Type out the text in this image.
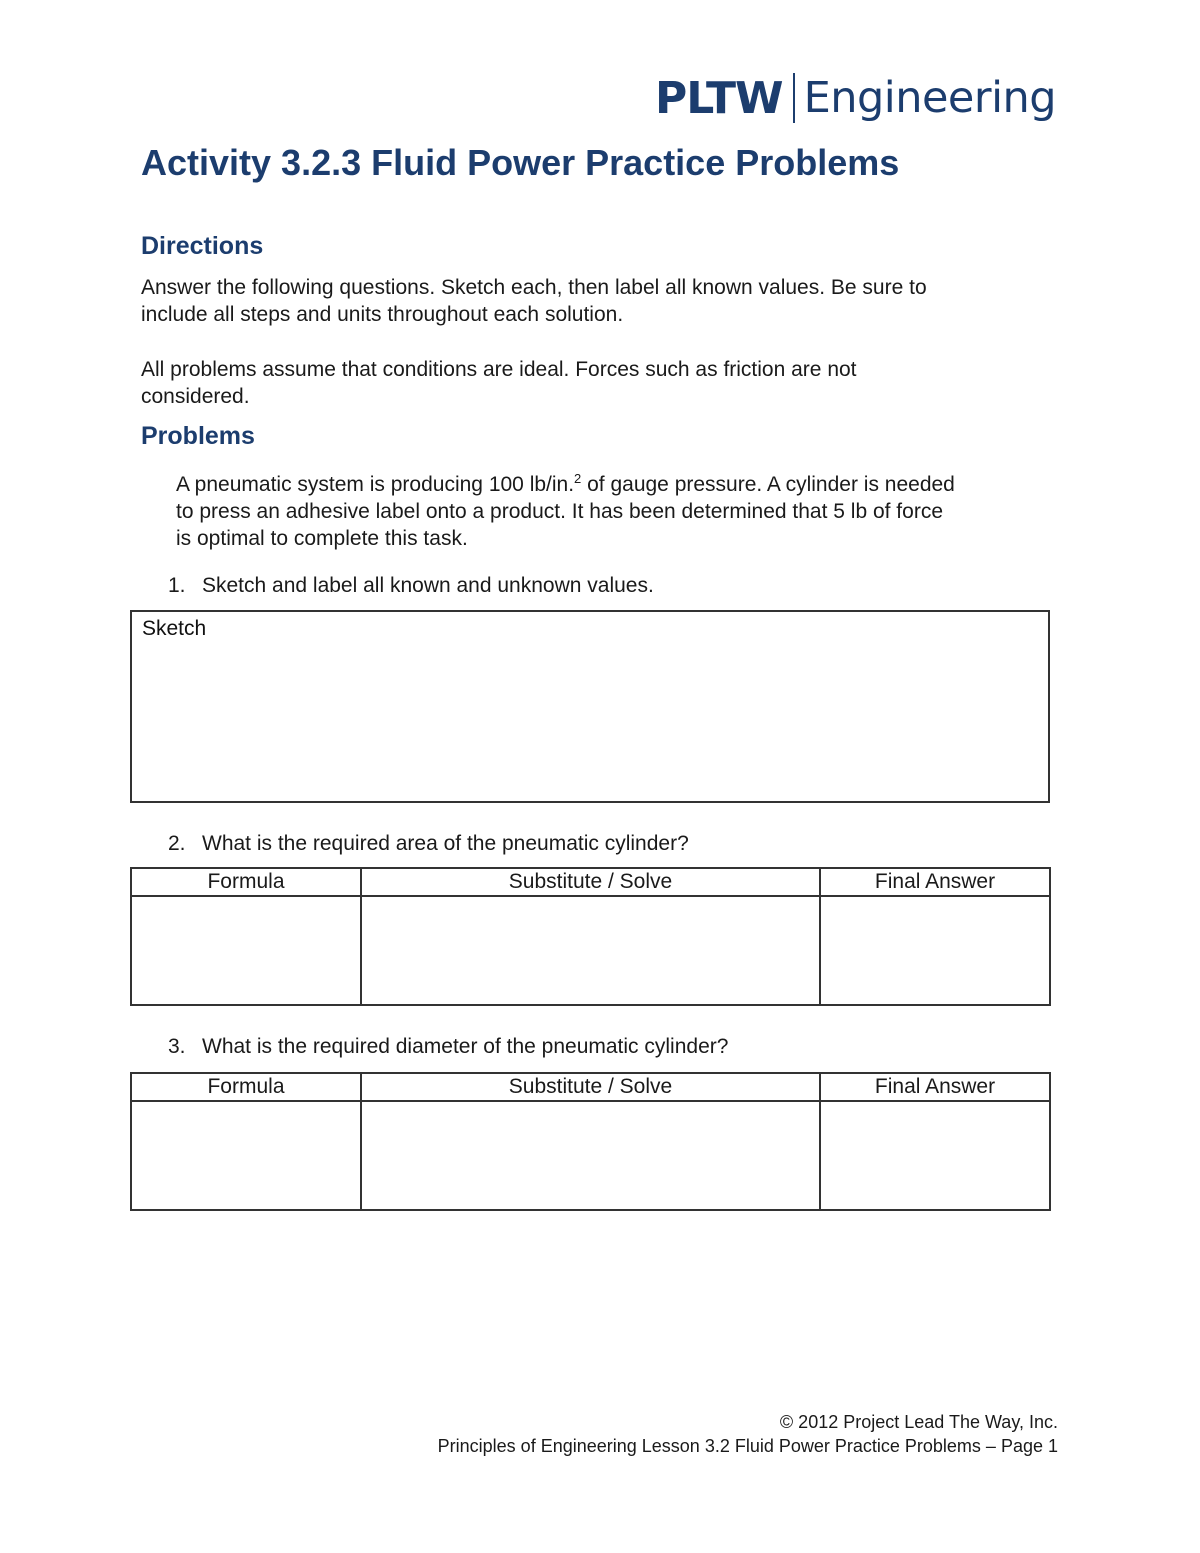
PLTW Engineering
Activity 3.2.3 Fluid Power Practice Problems
Directions

Answer the following questions. Sketch each, then label all known values. Be sure to
include all steps and units throughout each solution.

All problems assume that conditions are ideal. Forces such as friction are not
considered.

Problems

A pneumatic system is producing 100 lb/in.$^2$ of gauge pressure. A cylinder is needed
to press an adhesive label onto a product. It has been determined that 5 lb of force
is optimal to complete this task.

1. Sketch and label all known and unknown values.
Sketch
2. What is the required area of the pneumatic cylinder?
Formula	Substitute / Solve	Final Answer

3. What is the required diameter of the pneumatic cylinder?
Formula	Substitute / Solve	Final Answer

© 2012 Project Lead The Way, Inc.
Principles of Engineering Lesson 3.2 Fluid Power Practice Problems – Page 1
